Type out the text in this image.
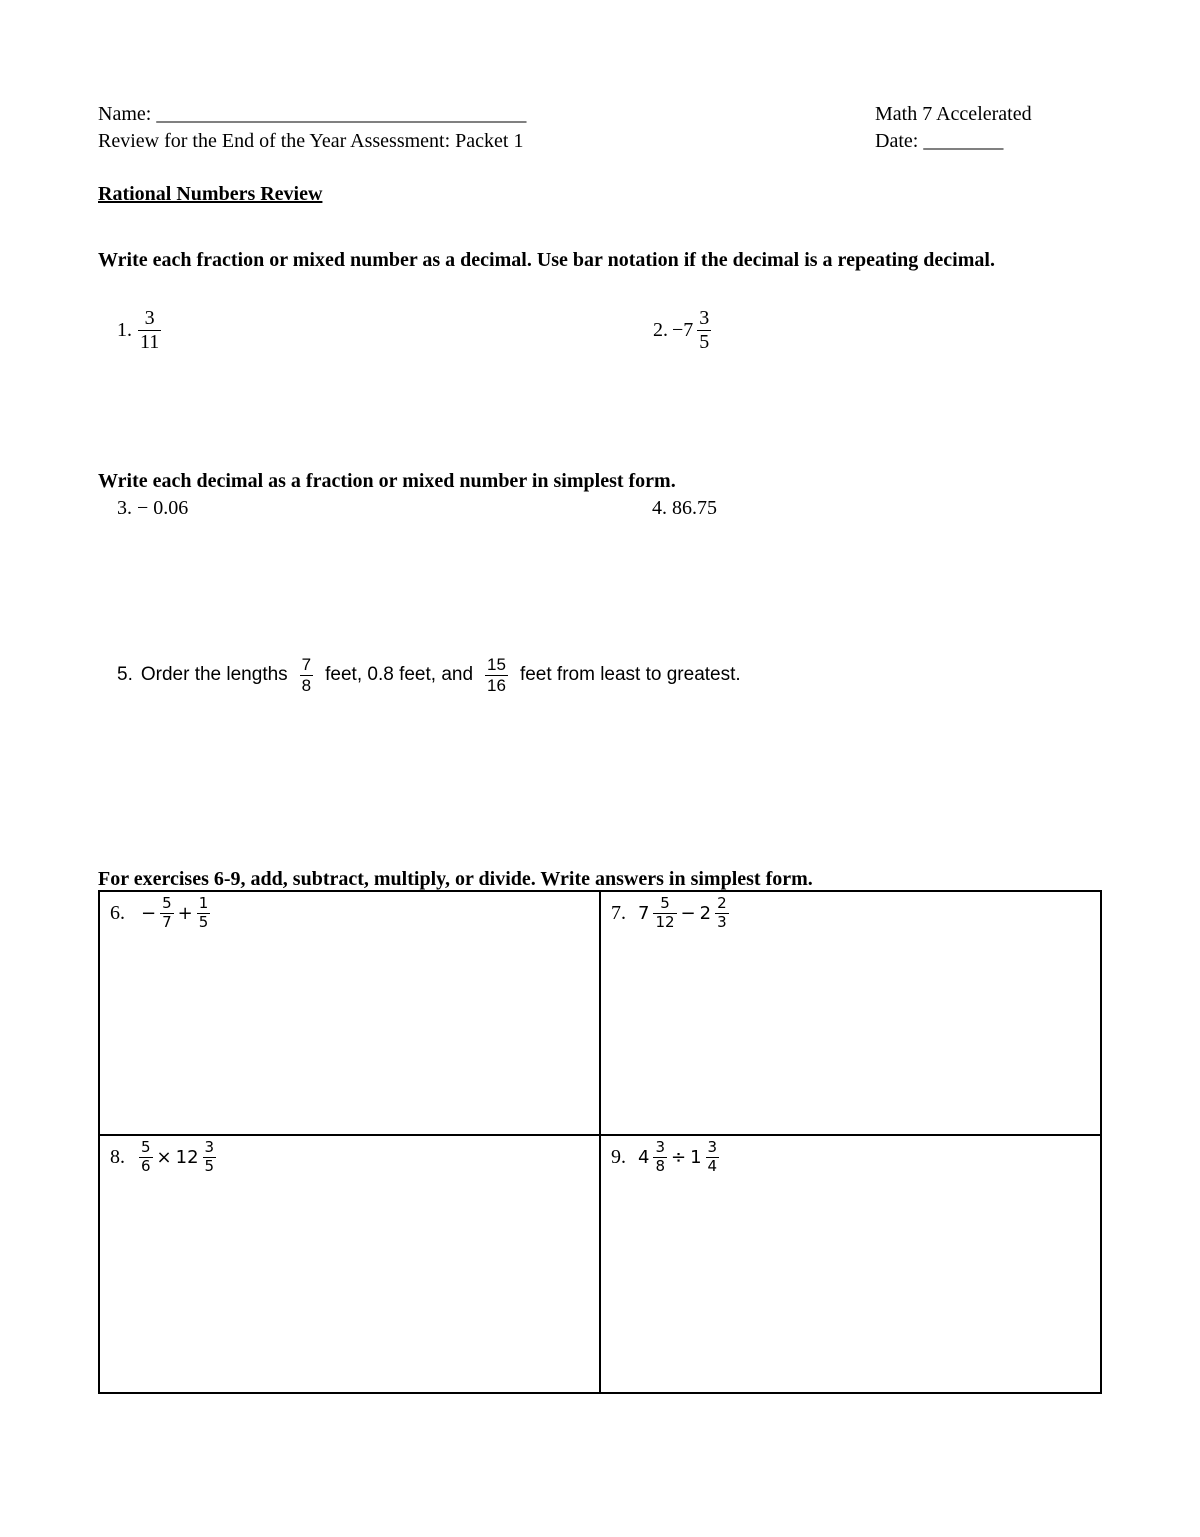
Name: _____________________________________	Math 7 Accelerated
Review for the End of the Year Assessment: Packet 1	Date: ________
Rational Numbers Review
Write each fraction or mixed number as a decimal. Use bar notation if the decimal is a repeating decimal.
1. $\frac{3}{11}$	2. $-7 \frac{3}{5}$
Write each decimal as a fraction or mixed number in simplest form.
3. − 0.06	4. 86.75
5. Order the lengths $\frac{7}{8}$ feet, 0.8 feet, and $\frac{15}{16}$ feet from least to greatest.
For exercises 6-9, add, subtract, multiply, or divide. Write answers in simplest form.
6. − $\frac{5}{7} + \frac{1}{5}$	7. $7 \frac{5}{12} - 2 \frac{2}{3}$
8. $\frac{5}{6} \times 12 \frac{3}{5}$	9. $4 \frac{3}{8} \div 1 \frac{3}{4}$
